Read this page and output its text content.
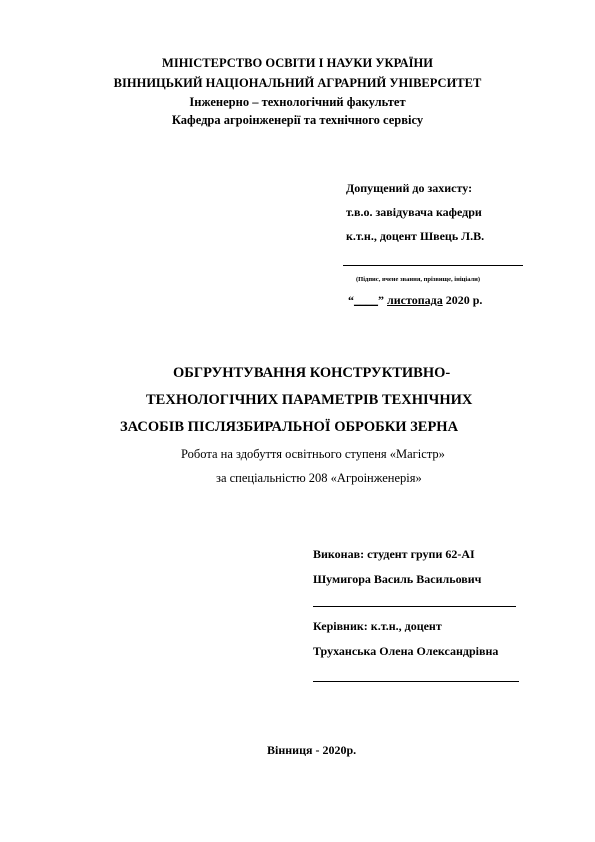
МІНІСТЕРСТВО ОСВІТИ І НАУКИ УКРАЇНИ
ВІННИЦЬКИЙ НАЦІОНАЛЬНИЙ АГРАРНИЙ УНІВЕРСИТЕТ
Інженерно – технологічний факультет
Кафедра агроінженерії та технічного сервісу
Допущений до захисту:
т.в.о. завідувача кафедри
к.т.н., доцент Швець Л.В.
(Підпис, вчене звання, прізвище, ініціали)
“____” листопада 2020 р.
ОБГРУНТУВАННЯ КОНСТРУКТИВНО-
ТЕХНОЛОГІЧНИХ ПАРАМЕТРІВ ТЕХНІЧНИХ
ЗАСОБІВ ПІСЛЯЗБИРАЛЬНОЇ ОБРОБКИ ЗЕРНА
Робота на здобуття освітнього ступеня «Магістр»
за спеціальністю 208 «Агроінженерія»
Виконав: студент групи 62-АІ
Шумигора Василь Васильович
Керівник: к.т.н., доцент
Труханська Олена Олександрівна
Вінниця - 2020р.
